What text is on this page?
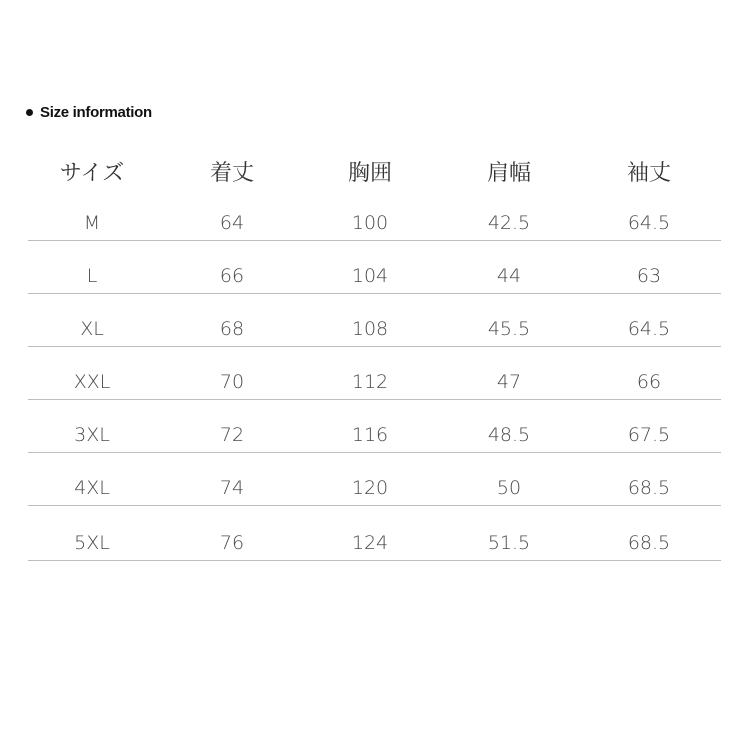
Size information
サイズ	着丈	胸囲	肩幅	袖丈
M	64	100	42.5	64.5
L	66	104	44	63
XL	68	108	45.5	64.5
XXL	70	112	47	66
3XL	72	116	48.5	67.5
4XL	74	120	50	68.5
5XL	76	124	51.5	68.5
